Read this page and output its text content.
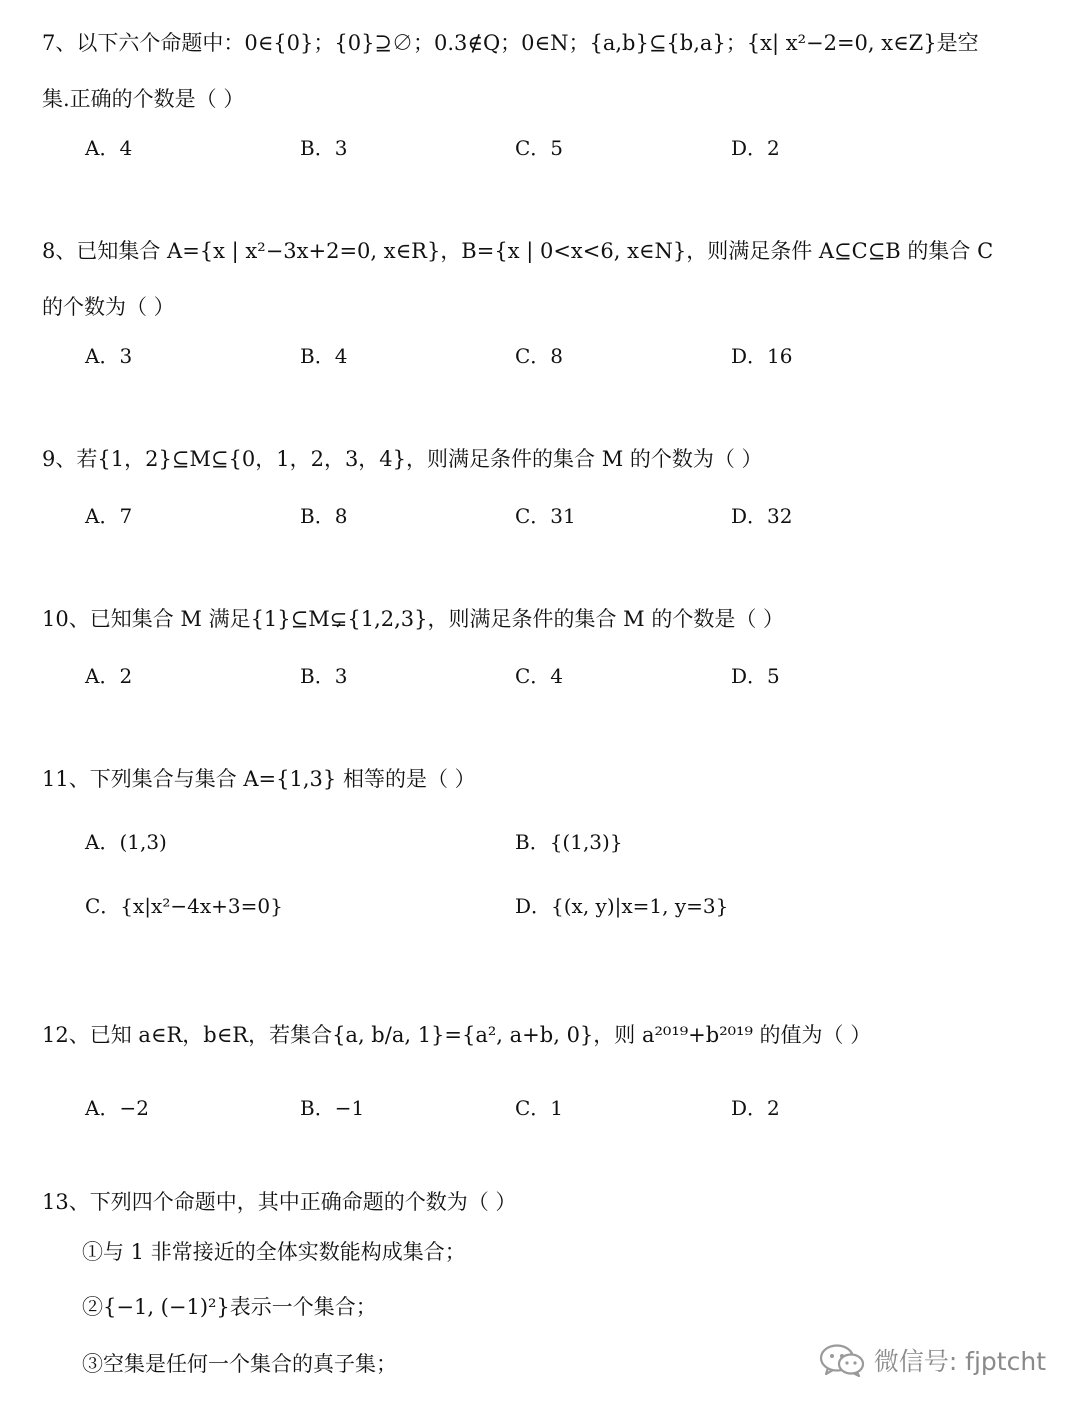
7、以下六个命题中：0∈{0}；{0}⊇∅；0.3∉Q；0∈N；{a,b}⊆{b,a}；{x| x²−2=0, x∈Z}是空
集.正确的个数是（ ）
A．4	B．3	C．5	D．2
8、已知集合 A={x | x²−3x+2=0, x∈R}，B={x | 0<x<6, x∈N}，则满足条件 A⊆C⊆B 的集合 C
的个数为（ ）
A．3	B．4	C．8	D．16
9、若{1，2}⊆M⊆{0，1，2，3，4}，则满足条件的集合 M 的个数为（ ）
A．7	B．8	C．31	D．32
10、已知集合 M 满足{1}⊆M⊊{1,2,3}，则满足条件的集合 M 的个数是（ ）
A．2	B．3	C．4	D．5
11、下列集合与集合 A={1,3} 相等的是（ ）
A．(1,3)	B．{(1,3)}
C．{x|x²−4x+3=0}	D．{(x, y)|x=1, y=3}
12、已知 a∈R，b∈R，若集合{a, b/a, 1}={a², a+b, 0}，则 a²⁰¹⁹+b²⁰¹⁹ 的值为（ ）
A．−2	B．−1	C．1	D．2
13、下列四个命题中，其中正确命题的个数为（ ）
①与 1 非常接近的全体实数能构成集合；
②{−1, (−1)²}表示一个集合；
③空集是任何一个集合的真子集；	微信号: fjptcht
